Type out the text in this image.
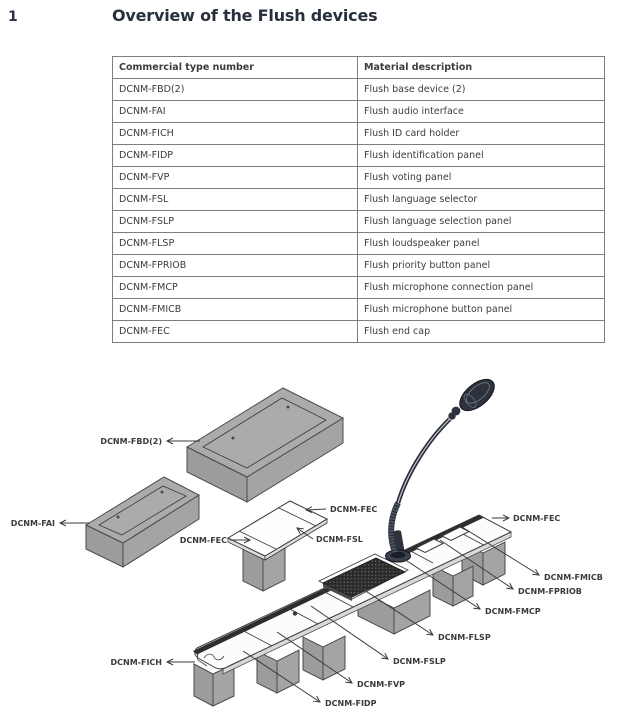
1	Overview of the Flush devices
Commercial type number	Material description
DCNM-FBD(2)	Flush base device (2)
DCNM-FAI	Flush audio interface
DCNM-FICH	Flush ID card holder
DCNM-FIDP	Flush identification panel
DCNM-FVP	Flush voting panel
DCNM-FSL	Flush language selector
DCNM-FSLP	Flush language selection panel
DCNM-FLSP	Flush loudspeaker panel
DCNM-FPRIOB	Flush priority button panel
DCNM-FMCP	Flush microphone connection panel
DCNM-FMICB	Flush microphone button panel
DCNM-FEC	Flush end cap
DCNM-FBD(2)
DCNM-FAI
DCNM-FEC
DCNM-FEC	DCNM-FSL
DCNM-FEC
DCNM-FICH
DCNM-FIDP
DCNM-FVP
DCNM-FSLP
DCNM-FLSP
DCNM-FMCP
DCNM-FPRIOB
DCNM-FMICB
